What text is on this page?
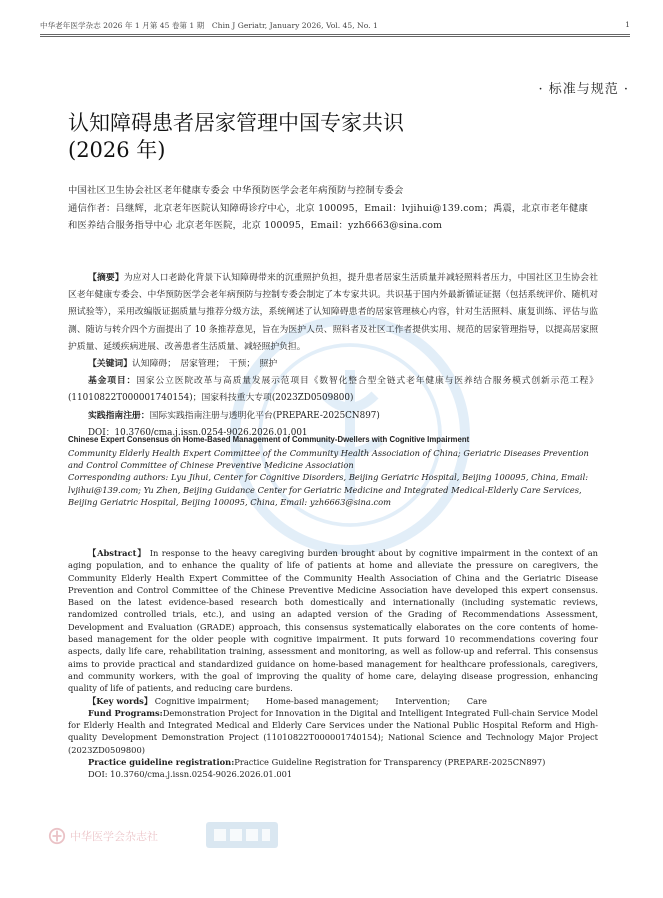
中华老年医学杂志 2026 年 1 月第 45 卷第 1 期　Chin J Geriatr, January 2026, Vol. 45, No. 1	1
· 标准与规范 ·
认知障碍患者居家管理中国专家共识
(2026 年)
中国社区卫生协会社区老年健康专委会 中华预防医学会老年病预防与控制专委会
通信作者：吕继辉，北京老年医院认知障碍诊疗中心，北京 100095，Email：lvjihui@139.com；禹震，北京市老年健康和医养结合服务指导中心 北京老年医院，北京 100095，Email：yzh6663@sina.com

【摘要】为应对人口老龄化背景下认知障碍带来的沉重照护负担，提升患者居家生活质量并减轻照料者压力，中国社区卫生协会社区老年健康专委会、中华预防医学会老年病预防与控制专委会制定了本专家共识。共识基于国内外最新循证证据（包括系统评价、随机对照试验等），采用改编版证据质量与推荐分级方法，系统阐述了认知障碍患者的居家管理核心内容，针对生活照料、康复训练、评估与监测、随访与转介四个方面提出了 10 条推荐意见，旨在为医护人员、照料者及社区工作者提供实用、规范的居家管理指导，以提高居家照护质量、延缓疾病进展、改善患者生活质量、减轻照护负担。

【关键词】认知障碍；　居家管理；　干预；　照护

基金项目：国家公立医院改革与高质量发展示范项目《数智化整合型全链式老年健康与医养结合服务模式创新示范工程》(11010822T000001740154)；国家科技重大专项(2023ZD0509800)

实践指南注册：国际实践指南注册与透明化平台(PREPARE-2025CN897)

DOI：10.3760/cma.j.issn.0254-9026.2026.01.001

Chinese Expert Consensus on Home-Based Management of Community-Dwellers with Cognitive Impairment
Community Elderly Health Expert Committee of the Community Health Association of China; Geriatric Diseases Prevention and Control Committee of Chinese Preventive Medicine Association
Corresponding authors: Lyu Jihui, Center for Cognitive Disorders, Beijing Geriatric Hospital, Beijing 100095, China, Email: lvjihui@139.com; Yu Zhen, Beijing Guidance Center for Geriatric Medicine and Integrated Medical-Elderly Care Services, Beijing Geriatric Hospital, Beijing 100095, China, Email: yzh6663@sina.com

【Abstract】 In response to the heavy caregiving burden brought about by cognitive impairment in the context of an aging population, and to enhance the quality of life of patients at home and alleviate the pressure on caregivers, the Community Elderly Health Expert Committee of the Community Health Association of China and the Geriatric Disease Prevention and Control Committee of the Chinese Preventive Medicine Association have developed this expert consensus. Based on the latest evidence-based research both domestically and internationally (including systematic reviews, randomized controlled trials, etc.), and using an adapted version of the Grading of Recommendations Assessment, Development and Evaluation (GRADE) approach, this consensus systematically elaborates on the core contents of home-based management for the older people with cognitive impairment. It puts forward 10 recommendations covering four aspects, daily life care, rehabilitation training, assessment and monitoring, as well as follow-up and referral. This consensus aims to provide practical and standardized guidance on home-based management for healthcare professionals, caregivers, and community workers, with the goal of improving the quality of home care, delaying disease progression, enhancing quality of life of patients, and reducing care burdens.

【Key words】 Cognitive impairment;　　Home-based management;　　Intervention;　　Care

Fund Programs:Demonstration Project for Innovation in the Digital and Intelligent Integrated Full-chain Service Model for Elderly Health and Integrated Medical and Elderly Care Services under the National Public Hospital Reform and High-quality Development Demonstration Project (11010822T000001740154); National Science and Technology Major Project (2023ZD0509800)

Practice guideline registration:Practice Guideline Registration for Transparency (PREPARE-2025CN897)

DOI: 10.3760/cma.j.issn.0254-9026.2026.01.001

中华医学会杂志社
